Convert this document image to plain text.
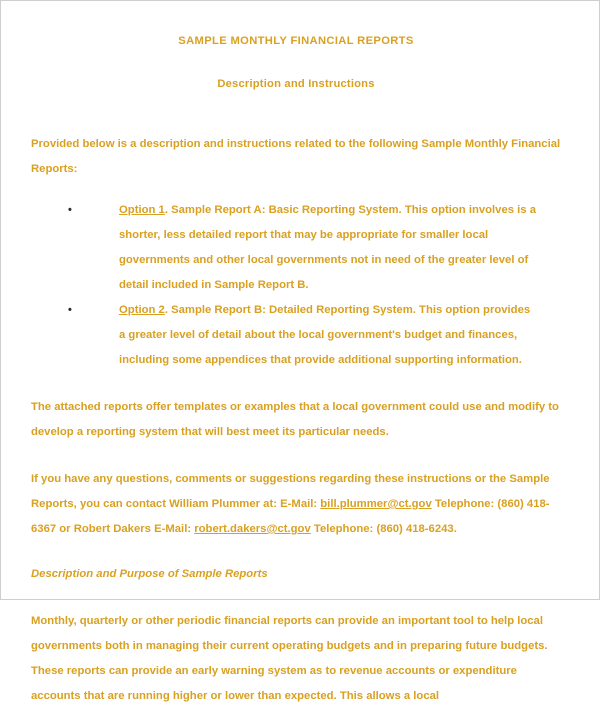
SAMPLE MONTHLY FINANCIAL REPORTS
Description and Instructions

Provided below is a description and instructions related to the following Sample Monthly Financial Reports:

•	Option 1. Sample Report A: Basic Reporting System. This option involves is a shorter, less detailed report that may be appropriate for smaller local governments and other local governments not in need of the greater level of detail included in Sample Report B.
•	Option 2. Sample Report B: Detailed Reporting System. This option provides a greater level of detail about the local government's budget and finances, including some appendices that provide additional supporting information.

The attached reports offer templates or examples that a local government could use and modify to develop a reporting system that will best meet its particular needs.

If you have any questions, comments or suggestions regarding these instructions or the Sample Reports, you can contact William Plummer at: E-Mail: bill.plummer@ct.gov Telephone: (860) 418-6367 or Robert Dakers E-Mail: robert.dakers@ct.gov Telephone: (860) 418-6243.

Description and Purpose of Sample Reports

Monthly, quarterly or other periodic financial reports can provide an important tool to help local governments both in managing their current operating budgets and in preparing future budgets. These reports can provide an early warning system as to revenue accounts or expenditure accounts that are running higher or lower than expected. This allows a local
